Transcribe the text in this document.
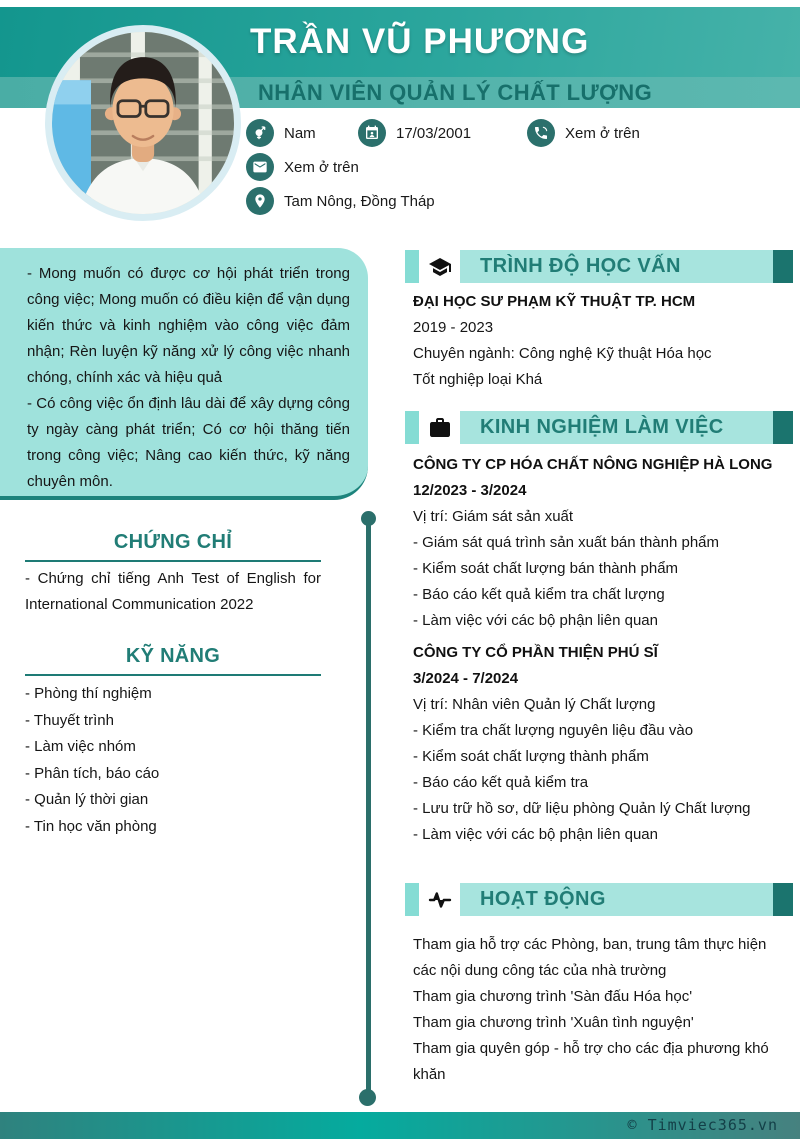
TRẦN VŨ PHƯƠNG
NHÂN VIÊN QUẢN LÝ CHẤT LƯỢNG
Nam	17/03/2001	Xem ở trên
Xem ở trên
Tam Nông, Đồng Tháp

- Mong muốn có được cơ hội phát triển trong công việc; Mong muốn có điều kiện để vận dụng kiến thức và kinh nghiệm vào công việc đảm nhận; Rèn luyện kỹ năng xử lý công việc nhanh chóng, chính xác và hiệu quả

- Có công việc ổn định lâu dài để xây dựng công ty ngày càng phát triển; Có cơ hội thăng tiến trong công việc; Nâng cao kiến thức, kỹ năng chuyên môn.

CHỨNG CHỈ
- Chứng chỉ tiếng Anh Test of English for International Communication 2022
KỸ NĂNG
- Phòng thí nghiệm
- Thuyết trình
- Làm việc nhóm
- Phân tích, báo cáo
- Quản lý thời gian
- Tin học văn phòng
TRÌNH ĐỘ HỌC VẤN

ĐẠI HỌC SƯ PHẠM KỸ THUẬT TP. HCM

2019 - 2023

Chuyên ngành: Công nghệ Kỹ thuật Hóa học

Tốt nghiệp loại Khá

KINH NGHIỆM LÀM VIỆC

CÔNG TY CP HÓA CHẤT NÔNG NGHIỆP HÀ LONG

12/2023 - 3/2024

Vị trí: Giám sát sản xuất

- Giám sát quá trình sản xuất bán thành phẩm

- Kiểm soát chất lượng bán thành phẩm

- Báo cáo kết quả kiểm tra chất lượng

- Làm việc với các bộ phận liên quan

CÔNG TY CỔ PHẦN THIỆN PHÚ SĨ

3/2024 - 7/2024

Vị trí: Nhân viên Quản lý Chất lượng

- Kiểm tra chất lượng nguyên liệu đầu vào

- Kiểm soát chất lượng thành phẩm

- Báo cáo kết quả kiểm tra

- Lưu trữ hồ sơ, dữ liệu phòng Quản lý Chất lượng

- Làm việc với các bộ phận liên quan

HOẠT ĐỘNG

Tham gia hỗ trợ các Phòng, ban, trung tâm thực hiện các nội dung công tác của nhà trường

Tham gia chương trình 'Sàn đấu Hóa học'

Tham gia chương trình 'Xuân tình nguyện'

Tham gia quyên góp - hỗ trợ cho các địa phương khó khăn

© Timviec365.vn
